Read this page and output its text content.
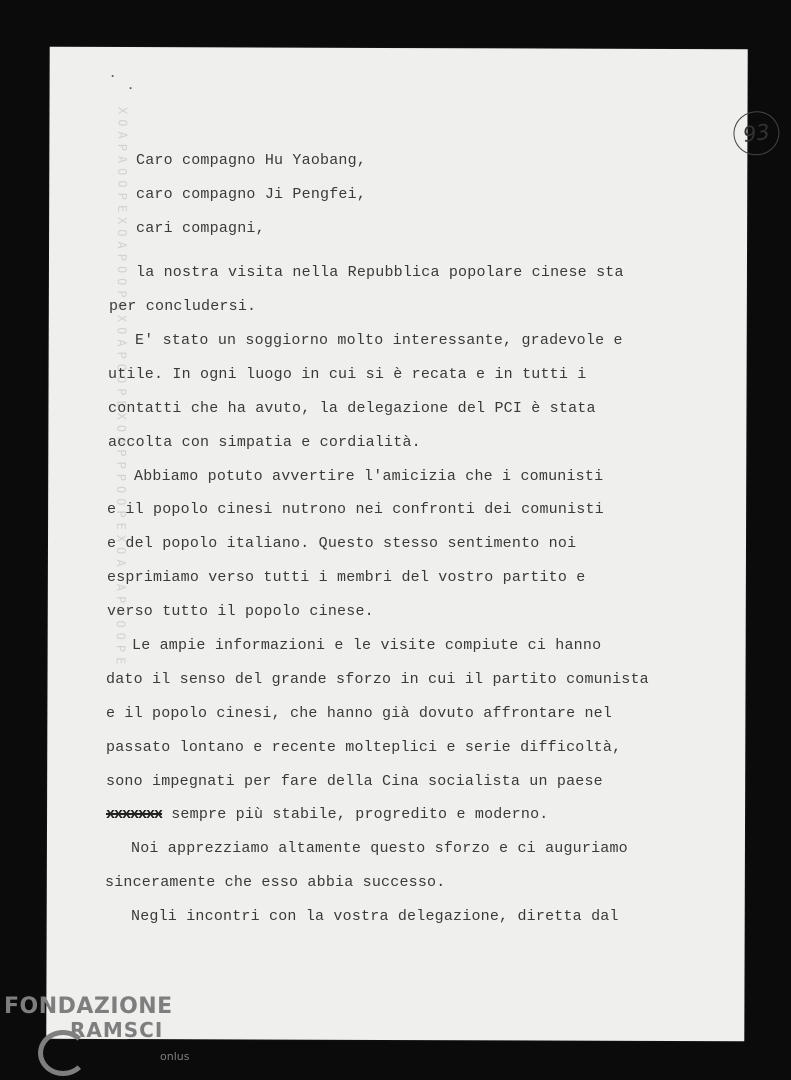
XOAPAOOPEXOAPOOPEXOAPOOPEXOAPPPOOPEXOA APAOOPE	93
Caro compagno Hu Yaobang,
caro compagno Ji Pengfei,
cari compagni,
la nostra visita nella Repubblica popolare cinese sta
per concludersi.
E' stato un soggiorno molto interessante, gradevole e
utile. In ogni luogo in cui si è recata e in tutti i
contatti che ha avuto, la delegazione del PCI è stata
accolta con simpatia e cordialità.
Abbiamo potuto avvertire l'amicizia che i comunisti
e il popolo cinesi nutrono nei confronti dei comunisti
e del popolo italiano. Questo stesso sentimento noi
esprimiamo verso tutti i membri del vostro partito e
verso tutto il popolo cinese.
Le ampie informazioni e le visite compiute ci hanno
dato il senso del grande sforzo in cui il partito comunista
e il popolo cinesi, che hanno già dovuto affrontare nel
passato lontano e recente molteplici e serie difficoltà,
sono impegnati per fare della Cina socialista un paese
xxxxxxx sempre più stabile, progredito e moderno.
Noi apprezziamo altamente questo sforzo e ci auguriamo
sinceramente che esso abbia successo.
Negli incontri con la vostra delegazione, diretta dal
FONDAZIONE
RAMSCI
onlus
